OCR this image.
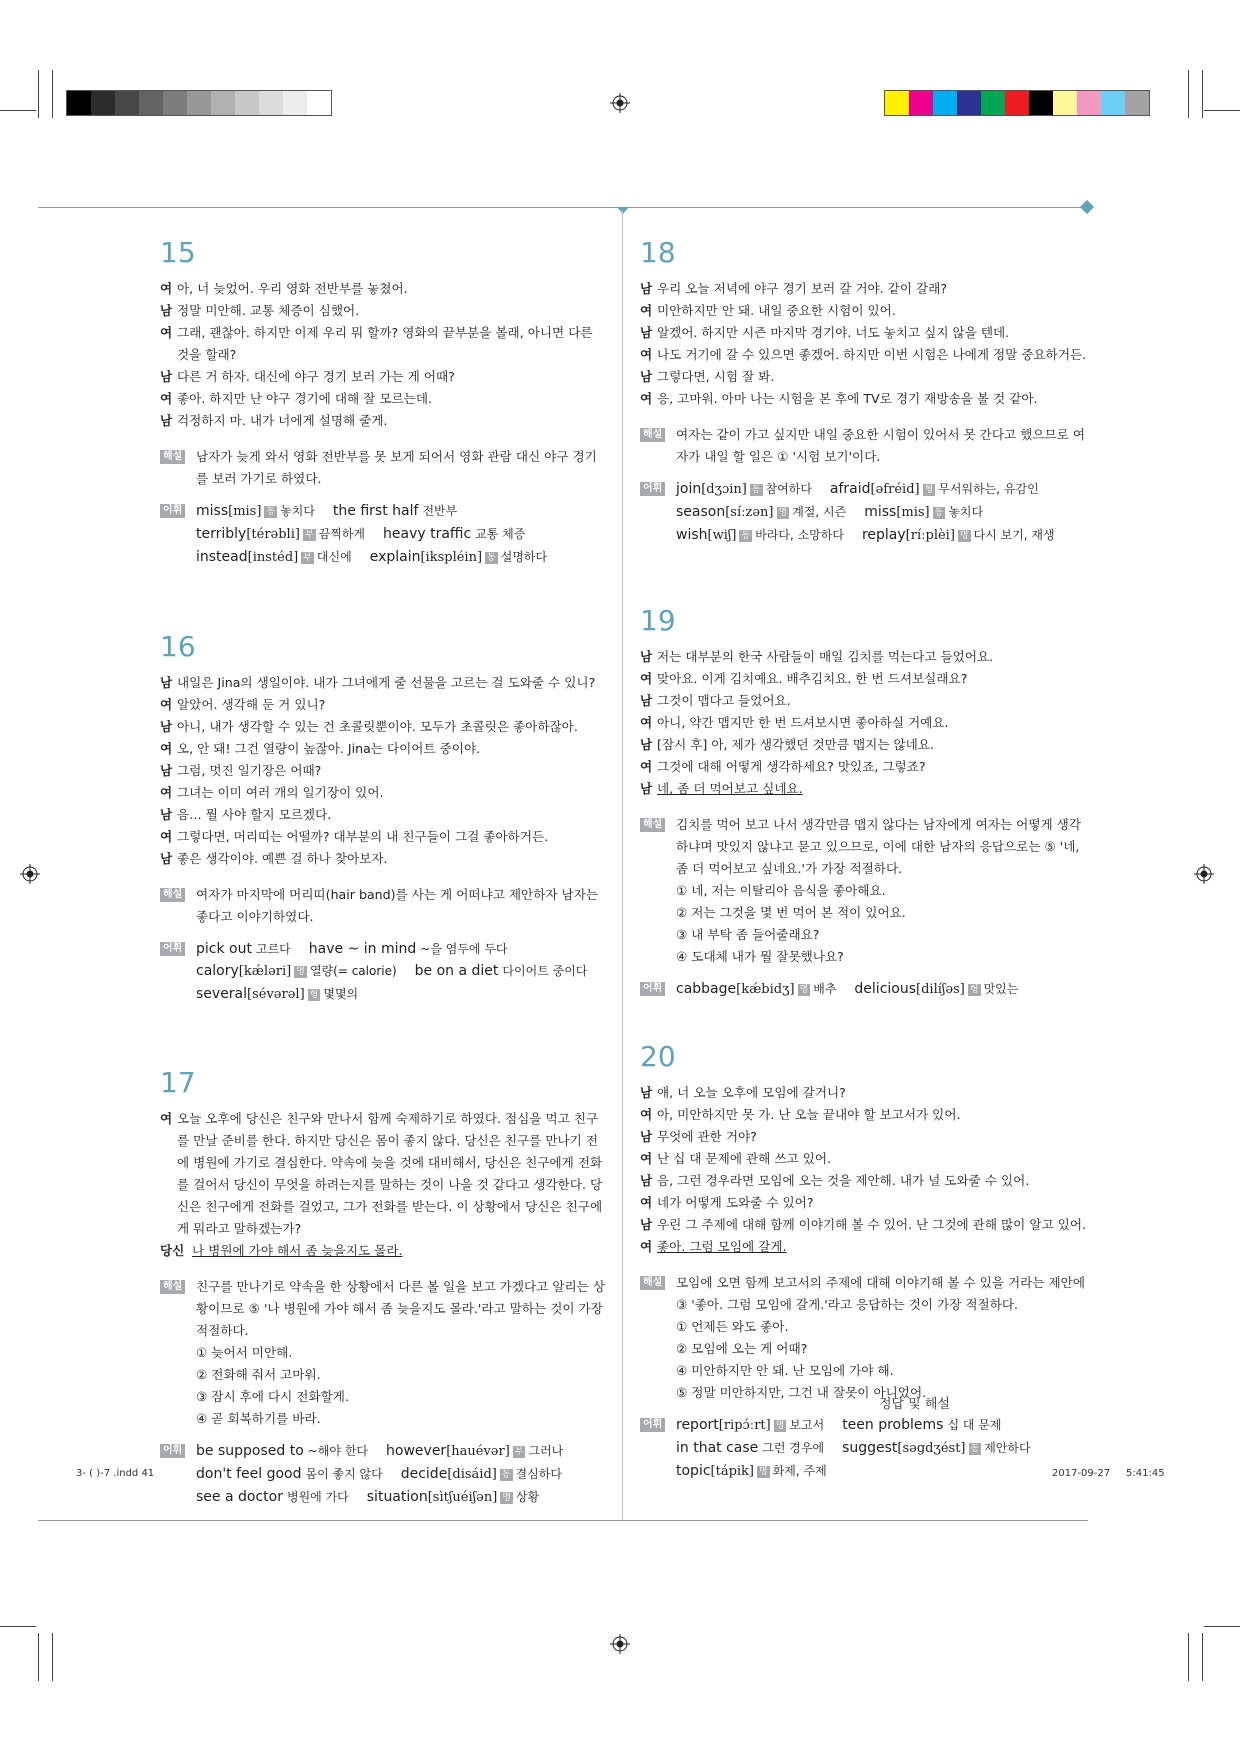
15
여 아, 너 늦었어. 우리 영화 전반부를 놓쳤어.
남 정말 미안해. 교통 체증이 심했어.
여 그래, 괜찮아. 하지만 이제 우리 뭐 할까? 영화의 끝부분을 볼래, 아니면 다른 것을 할래?
남 다른 거 하자. 대신에 야구 경기 보러 가는 게 어때?
여 좋아. 하지만 난 야구 경기에 대해 잘 모르는데.
남 걱정하지 마. 내가 너에게 설명해 줄게.
해설 남자가 늦게 와서 영화 전반부를 못 보게 되어서 영화 관람 대신 야구 경기를 보러 가기로 하였다.
어휘 miss[mis] 동 놓치다 the first half 전반부
terribly[térəbli] 부 끔찍하게 heavy traffic 교통 체증
instead[instéd] 부 대신에 explain[ikspléin] 동 설명하다
16
남 내일은 Jina의 생일이야. 내가 그녀에게 줄 선물을 고르는 걸 도와줄 수 있니?
여 알았어. 생각해 둔 거 있니?
남 아니, 내가 생각할 수 있는 건 초콜릿뿐이야. 모두가 초콜릿은 좋아하잖아.
여 오, 안 돼! 그건 열량이 높잖아. Jina는 다이어트 중이야.
남 그럼, 멋진 일기장은 어때?
여 그녀는 이미 여러 개의 일기장이 있어.
남 음… 뭘 사야 할지 모르겠다.
여 그렇다면, 머리띠는 어떨까? 대부분의 내 친구들이 그걸 좋아하거든.
남 좋은 생각이야. 예쁜 걸 하나 찾아보자.
해설 여자가 마지막에 머리띠(hair band)를 사는 게 어떠냐고 제안하자 남자는 좋다고 이야기하였다.
어휘 pick out 고르다 have ~ in mind ~을 염두에 두다
calory[kǽləri] 명 열량(= calorie) be on a diet 다이어트 중이다
several[sévərəl] 형 몇몇의
17
여 오늘 오후에 당신은 친구와 만나서 함께 숙제하기로 하였다. 점심을 먹고 친구를 만날 준비를 한다. 하지만 당신은 몸이 좋지 않다. 당신은 친구를 만나기 전에 병원에 가기로 결심한다. 약속에 늦을 것에 대비해서, 당신은 친구에게 전화를 걸어서 당신이 무엇을 하려는지를 말하는 것이 나을 것 같다고 생각한다. 당신은 친구에게 전화를 걸었고, 그가 전화를 받는다. 이 상황에서 당신은 친구에게 뭐라고 말하겠는가?
당신 나 병원에 가야 해서 좀 늦을지도 몰라.
해설 친구를 만나기로 약속을 한 상황에서 다른 볼 일을 보고 가겠다고 알리는 상황이므로 ⑤ '나 병원에 가야 해서 좀 늦을지도 몰라.'라고 말하는 것이 가장 적절하다.
① 늦어서 미안해.
② 전화해 줘서 고마워.
③ 잠시 후에 다시 전화할게.
④ 곧 회복하기를 바라.
어휘 be supposed to ~해야 한다 however[hauévər] 부 그러나
don't feel good 몸이 좋지 않다 decide[disáid] 동 결심하다
see a doctor 병원에 가다 situation[sìtʃuéiʃən] 명 상황
18
남 우리 오늘 저녁에 야구 경기 보러 갈 거야. 같이 갈래?
여 미안하지만 안 돼. 내일 중요한 시험이 있어.
남 알겠어. 하지만 시즌 마지막 경기야. 너도 놓치고 싶지 않을 텐데.
여 나도 거기에 갈 수 있으면 좋겠어. 하지만 이번 시험은 나에게 정말 중요하거든.
남 그렇다면, 시험 잘 봐.
여 응, 고마워. 아마 나는 시험을 본 후에 TV로 경기 재방송을 볼 것 같아.
해설 여자는 같이 가고 싶지만 내일 중요한 시험이 있어서 못 간다고 했으므로 여자가 내일 할 일은 ① '시험 보기'이다.
어휘 join[dʒɔin] 동 참여하다 afraid[əfréid] 형 무서워하는, 유감인
season[síːzən] 명 계절, 시즌 miss[mis] 동 놓치다
wish[wiʃ] 동 바라다, 소망하다 replay[ríːplèi] 명 다시 보기, 재생
19
남 저는 대부분의 한국 사람들이 매일 김치를 먹는다고 들었어요.
여 맞아요. 이게 김치예요. 배추김치요. 한 번 드셔보실래요?
남 그것이 맵다고 들었어요.
여 아니, 약간 맵지만 한 번 드셔보시면 좋아하실 거예요.
남 [잠시 후] 아, 제가 생각했던 것만큼 맵지는 않네요.
여 그것에 대해 어떻게 생각하세요? 맛있죠, 그렇죠?
남 네, 좀 더 먹어보고 싶네요.
해설 김치를 먹어 보고 나서 생각만큼 맵지 않다는 남자에게 여자는 어떻게 생각하냐며 맛있지 않냐고 묻고 있으므로, 이에 대한 남자의 응답으로는 ⑤ '네, 좀 더 먹어보고 싶네요.'가 가장 적절하다.
① 네, 저는 이탈리아 음식을 좋아해요.
② 저는 그것을 몇 번 먹어 본 적이 있어요.
③ 내 부탁 좀 들어줄래요?
④ 도대체 내가 뭘 잘못했나요?
어휘 cabbage[kǽbidʒ] 명 배추 delicious[dilíʃəs] 형 맛있는
20
남 얘, 너 오늘 오후에 모임에 갈거니?
여 아, 미안하지만 못 가. 난 오늘 끝내야 할 보고서가 있어.
남 무엇에 관한 거야?
여 난 십 대 문제에 관해 쓰고 있어.
남 음, 그런 경우라면 모임에 오는 것을 제안해. 내가 널 도와줄 수 있어.
여 네가 어떻게 도와줄 수 있어?
남 우린 그 주제에 대해 함께 이야기해 볼 수 있어. 난 그것에 관해 많이 알고 있어.
여 좋아. 그럼 모임에 갈게.
해설 모임에 오면 함께 보고서의 주제에 대해 이야기해 볼 수 있을 거라는 제안에 ③ '좋아. 그럼 모임에 갈게.'라고 응답하는 것이 가장 적절하다.
① 언제든 와도 좋아.
② 모임에 오는 게 어때?
④ 미안하지만 안 돼. 난 모임에 가야 해.
⑤ 정말 미안하지만, 그건 내 잘못이 아니었어.
어휘 report[ripɔ́ːrt] 명 보고서 teen problems 십 대 문제
in that case 그런 경우에 suggest[səgdʒést] 동 제안하다
topic[tápik] 명 화제, 주제
정답 및 해설
3- ( )-7 .indd 41	2017-09-27 5:41:45
